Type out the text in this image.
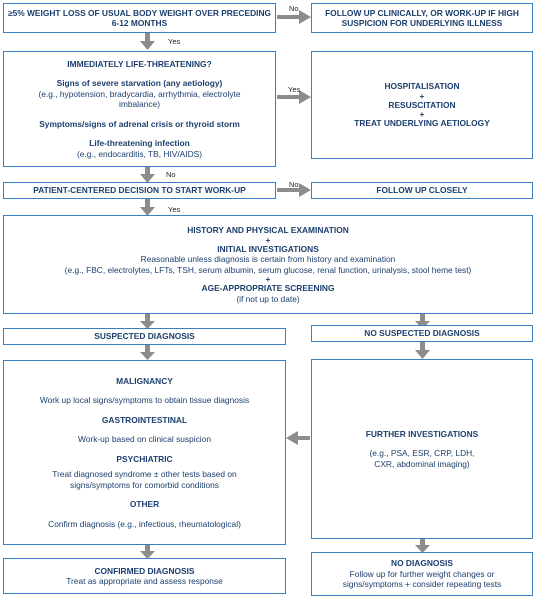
No
Yes
Yes
No
No
Yes
≥5% WEIGHT LOSS OF USUAL BODY WEIGHT OVER PRECEDING
6-12 MONTHS
FOLLOW UP CLINICALLY, OR WORK-UP IF HIGH
SUSPICION FOR UNDERLYING ILLNESS
IMMEDIATELY LIFE-THREATENING?
Signs of severe starvation (any aetiology)
(e.g., hypotension, bradycardia, arrhythmia, electrolyte
imbalance)
Symptoms/signs of adrenal crisis or thyroid storm
Life-threatening infection
(e.g., endocarditis, TB, HIV/AIDS)
HOSPITALISATION
+
RESUSCITATION
+
TREAT UNDERLYING AETIOLOGY
PATIENT-CENTERED DECISION TO START WORK-UP	FOLLOW UP CLOSELY
HISTORY AND PHYSICAL EXAMINATION
+
INITIAL INVESTIGATIONS
Reasonable unless diagnosis is certain from history and examination
(e.g., FBC, electrolytes, LFTs, TSH, serum albumin, serum glucose, renal function, urinalysis, stool heme test)
+
AGE-APPROPRIATE SCREENING
(if not up to date)
SUSPECTED DIAGNOSIS	NO SUSPECTED DIAGNOSIS
MALIGNANCY
Work up local signs/symptoms to obtain tissue diagnosis
GASTROINTESTINAL
Work-up based on clinical suspicion
PSYCHIATRIC
Treat diagnosed syndrome ± other tests based on
signs/symptoms for comorbid conditions
OTHER
Confirm diagnosis (e.g., infectious, rheumatological)
FURTHER INVESTIGATIONS
(e.g., PSA, ESR, CRP, LDH,
CXR, abdominal imaging)
CONFIRMED DIAGNOSIS
Treat as appropriate and assess response
NO DIAGNOSIS
Follow up for further weight changes or
signs/symptoms + consider repeating tests
